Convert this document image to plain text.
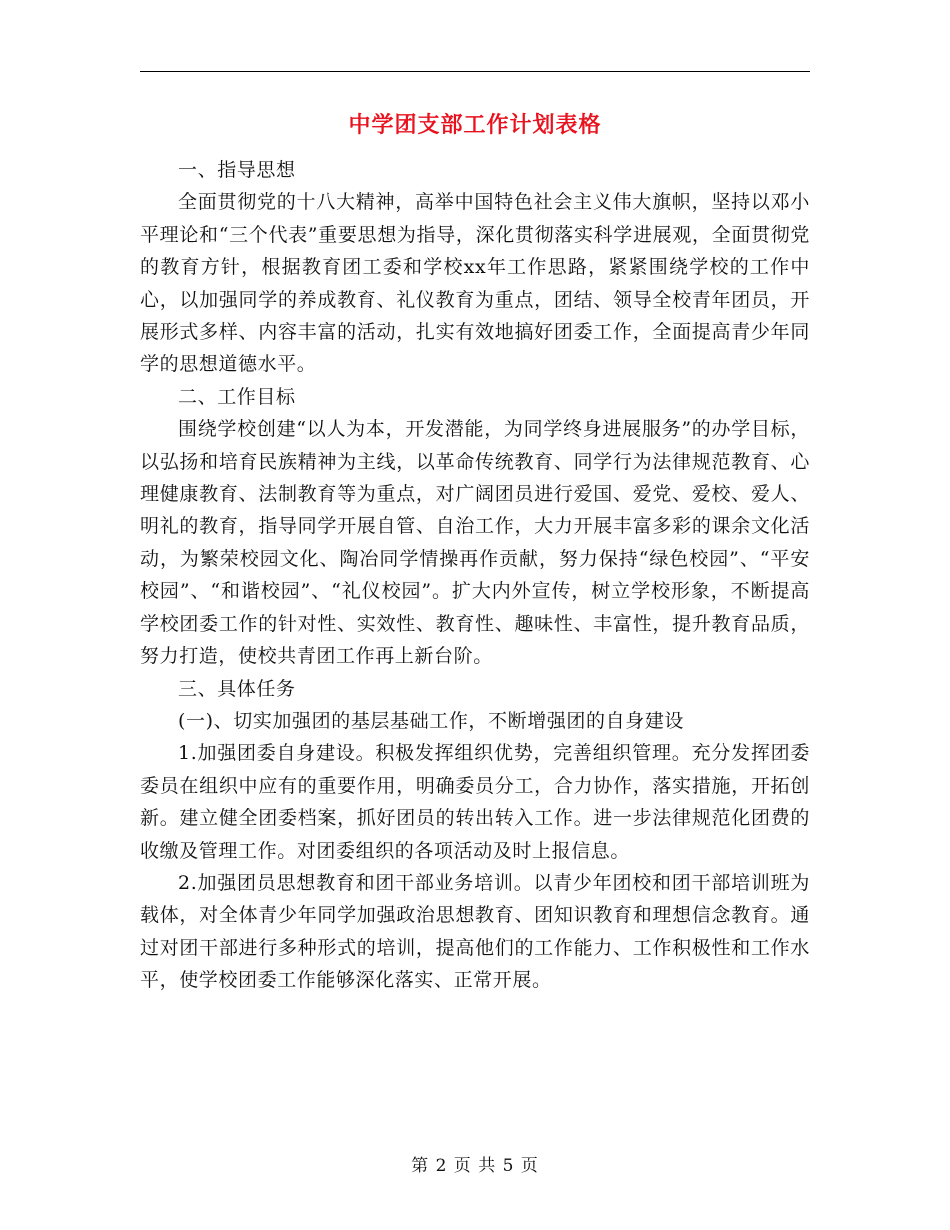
中学团支部工作计划表格

一、指导思想

全面贯彻党的十八大精神，高举中国特色社会主义伟大旗帜，坚持以邓小平理论和“三个代表”重要思想为指导，深化贯彻落实科学进展观，全面贯彻党的教育方针，根据教育团工委和学校xx年工作思路，紧紧围绕学校的工作中心，以加强同学的养成教育、礼仪教育为重点，团结、领导全校青年团员，开展形式多样、内容丰富的活动，扎实有效地搞好团委工作，全面提高青少年同学的思想道德水平。

二、工作目标

围绕学校创建“以人为本，开发潜能，为同学终身进展服务”的办学目标，以弘扬和培育民族精神为主线，以革命传统教育、同学行为法律规范教育、心理健康教育、法制教育等为重点，对广阔团员进行爱国、爱党、爱校、爱人、明礼的教育，指导同学开展自管、自治工作，大力开展丰富多彩的课余文化活动，为繁荣校园文化、陶冶同学情操再作贡献，努力保持“绿色校园”、“平安校园”、“和谐校园”、“礼仪校园”。扩大内外宣传，树立学校形象，不断提高学校团委工作的针对性、实效性、教育性、趣味性、丰富性，提升教育品质，努力打造，使校共青团工作再上新台阶。

三、具体任务

(一)、切实加强团的基层基础工作，不断增强团的自身建设

1.加强团委自身建设。积极发挥组织优势，完善组织管理。充分发挥团委委员在组织中应有的重要作用，明确委员分工，合力协作，落实措施，开拓创新。建立健全团委档案，抓好团员的转出转入工作。进一步法律规范化团费的收缴及管理工作。对团委组织的各项活动及时上报信息。

2.加强团员思想教育和团干部业务培训。以青少年团校和团干部培训班为载体，对全体青少年同学加强政治思想教育、团知识教育和理想信念教育。通过对团干部进行多种形式的培训，提高他们的工作能力、工作积极性和工作水平，使学校团委工作能够深化落实、正常开展。

第 2 页 共 5 页
